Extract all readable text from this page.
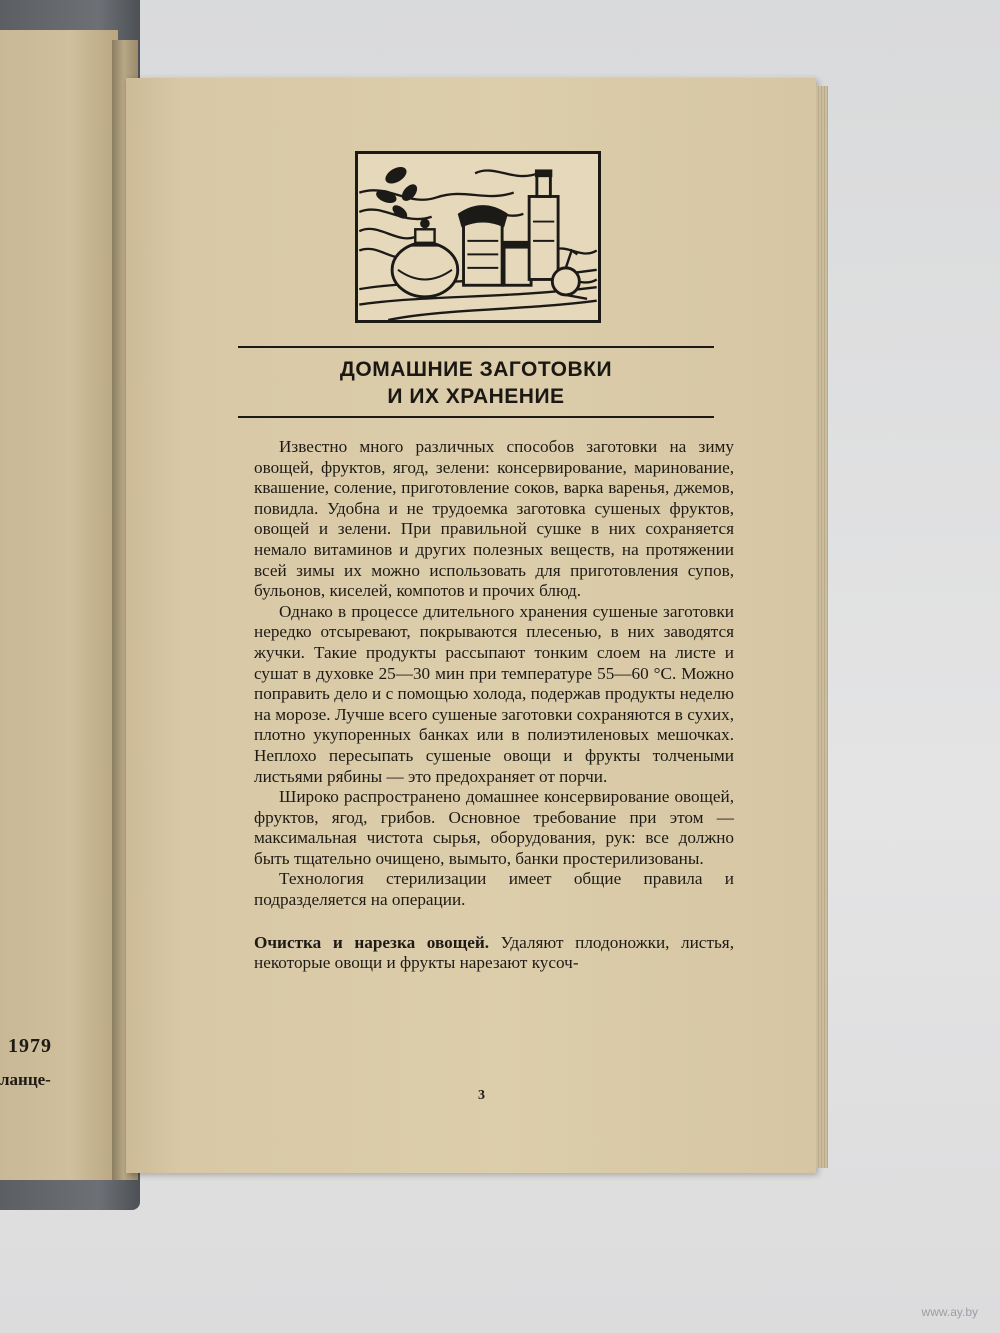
1979
ланце-
ДОМАШНИЕ ЗАГОТОВКИ
И ИХ ХРАНЕНИЕ

Известно много различных способов заготовки на зиму овощей, фруктов, ягод, зелени: консервирование, маринование, квашение, соление, приготовление соков, варка варенья, джемов, повидла. Удобна и не трудоемка заготовка сушеных фруктов, овощей и зелени. При правильной сушке в них сохраняется немало витаминов и других полезных веществ, на протяжении всей зимы их можно использовать для приготовления супов, бульонов, киселей, компотов и прочих блюд.

Однако в процессе длительного хранения сушеные заготовки нередко отсыревают, покрываются плесенью, в них заводятся жучки. Такие продукты рассыпают тонким слоем на листе и сушат в духовке 25—30 мин при температуре 55—60 °С. Можно поправить дело и с помощью холода, подержав продукты неделю на морозе. Лучше всего сушеные заготовки сохраняются в сухих, плотно укупоренных банках или в полиэтиленовых мешочках. Неплохо пересыпать сушеные овощи и фрукты толчеными листьями рябины — это предохраняет от порчи.

Широко распространено домашнее консервирование овощей, фруктов, ягод, грибов. Основное требование при этом — максимальная чистота сырья, оборудования, рук: все должно быть тщательно очищено, вымыто, банки простерилизованы.

Технология стерилизации имеет общие правила и подразделяется на операции.

Очистка и нарезка овощей. Удаляют плодоножки, листья, некоторые овощи и фрукты нарезают кусоч-

3
www.ay.by
